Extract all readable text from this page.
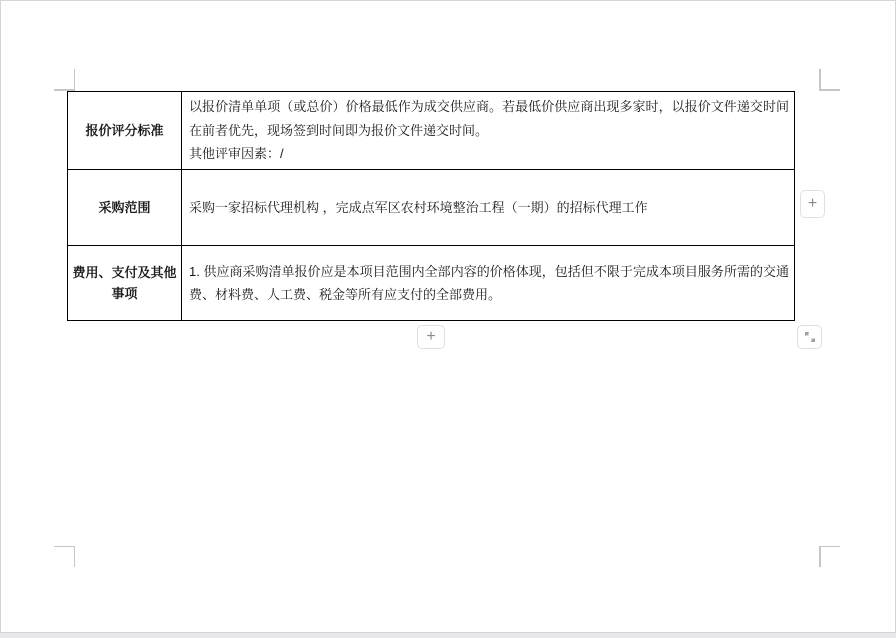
报价评分标准	以报价清单单项（或总价）价格最低作为成交供应商。若最低价供应商出现多家时，以报价文件递交时间在前者优先，现场签到时间即为报价文件递交时间。

其他评审因素：/

采购范围	采购一家招标代理机构 ，完成点军区农村环境整治工程（一期）的招标代理工作

费用、支付及其他事项	1. 供应商采购清单报价应是本项目范围内全部内容的价格体现，包括但不限于完成本项目服务所需的交通费、材料费、人工费、税金等所有应支付的全部费用。

+
+
